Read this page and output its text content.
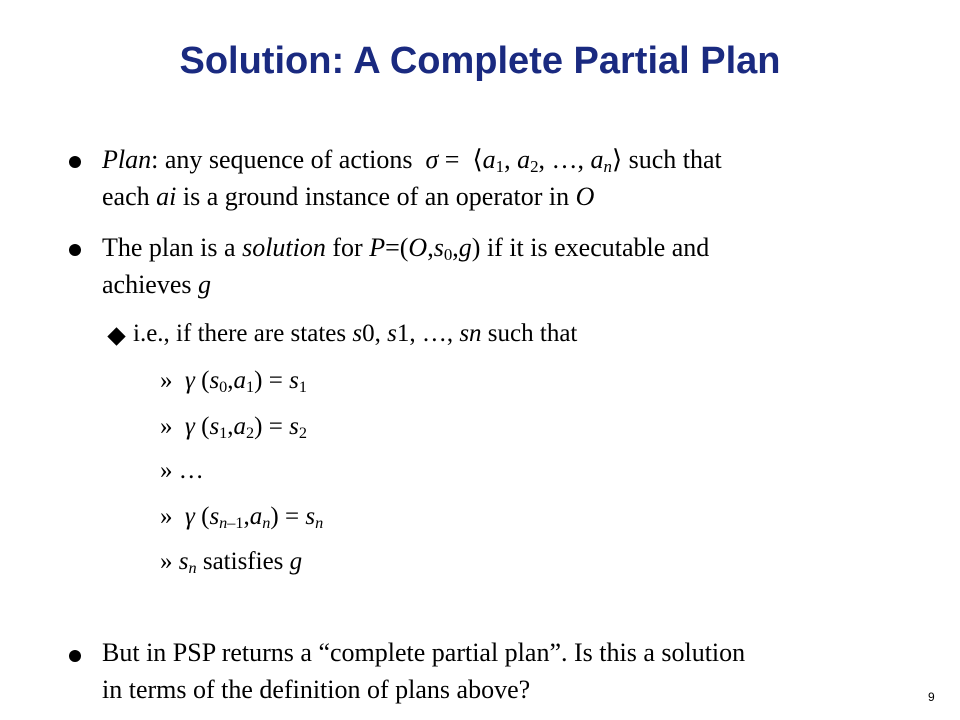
Solution: A Complete Partial Plan
Plan: any sequence of actions  $\sigma = ⟨a_1$, $a_2$, …, $a_n⟩$ such that
each ai is a ground instance of an operator in O
The plan is a solution for $P=(O,s_0,g)$ if it is executable and
achieves g
i.e., if there are states s0, s1, …, sn such that
»  γ $(s_0,a_1) = s_1$
»  γ $(s_1,a_2) = s_2$
» …
»  γ $(s_{n-1},a_n) = s_n$
» $s_n$ satisfies g
But in PSP returns a “complete partial plan”. Is this a solution
in terms of the definition of plans above?	9
